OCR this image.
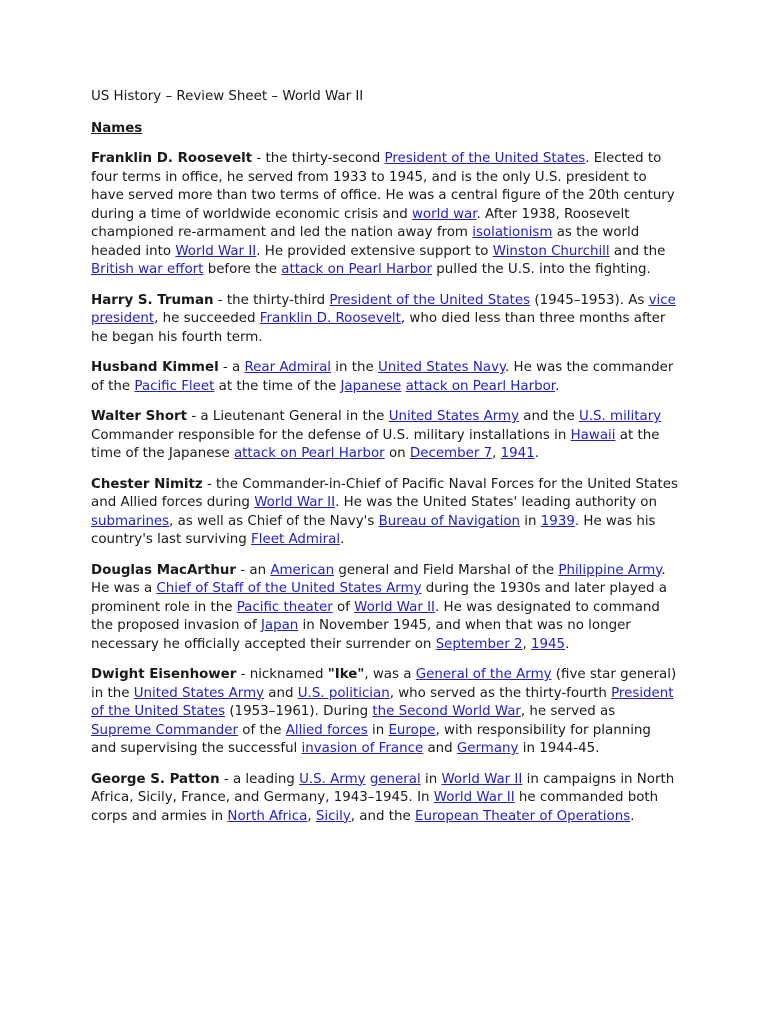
US History – Review Sheet – World War II
Names
Franklin D. Roosevelt - the thirty-second President of the United States. Elected to four terms in office, he served from 1933 to 1945, and is the only U.S. president to have served more than two terms of office. He was a central figure of the 20th century during a time of worldwide economic crisis and world war. After 1938, Roosevelt championed re-armament and led the nation away from isolationism as the world headed into World War II. He provided extensive support to Winston Churchill and the British war effort before the attack on Pearl Harbor pulled the U.S. into the fighting.
Harry S. Truman - the thirty-third President of the United States (1945–1953). As vice president, he succeeded Franklin D. Roosevelt, who died less than three months after he began his fourth term.
Husband Kimmel - a Rear Admiral in the United States Navy. He was the commander of the Pacific Fleet at the time of the Japanese attack on Pearl Harbor.
Walter Short - a Lieutenant General in the United States Army and the U.S. military Commander responsible for the defense of U.S. military installations in Hawaii at the time of the Japanese attack on Pearl Harbor on December 7, 1941.
Chester Nimitz - the Commander-in-Chief of Pacific Naval Forces for the United States and Allied forces during World War II. He was the United States' leading authority on submarines, as well as Chief of the Navy's Bureau of Navigation in 1939. He was his country's last surviving Fleet Admiral.
Douglas MacArthur - an American general and Field Marshal of the Philippine Army. He was a Chief of Staff of the United States Army during the 1930s and later played a prominent role in the Pacific theater of World War II. He was designated to command the proposed invasion of Japan in November 1945, and when that was no longer necessary he officially accepted their surrender on September 2, 1945.
Dwight Eisenhower - nicknamed "Ike", was a General of the Army (five star general) in the United States Army and U.S. politician, who served as the thirty-fourth President of the United States (1953–1961). During the Second World War, he served as Supreme Commander of the Allied forces in Europe, with responsibility for planning and supervising the successful invasion of France and Germany in 1944-45.
George S. Patton - a leading U.S. Army general in World War II in campaigns in North Africa, Sicily, France, and Germany, 1943–1945. In World War II he commanded both corps and armies in North Africa, Sicily, and the European Theater of Operations.
